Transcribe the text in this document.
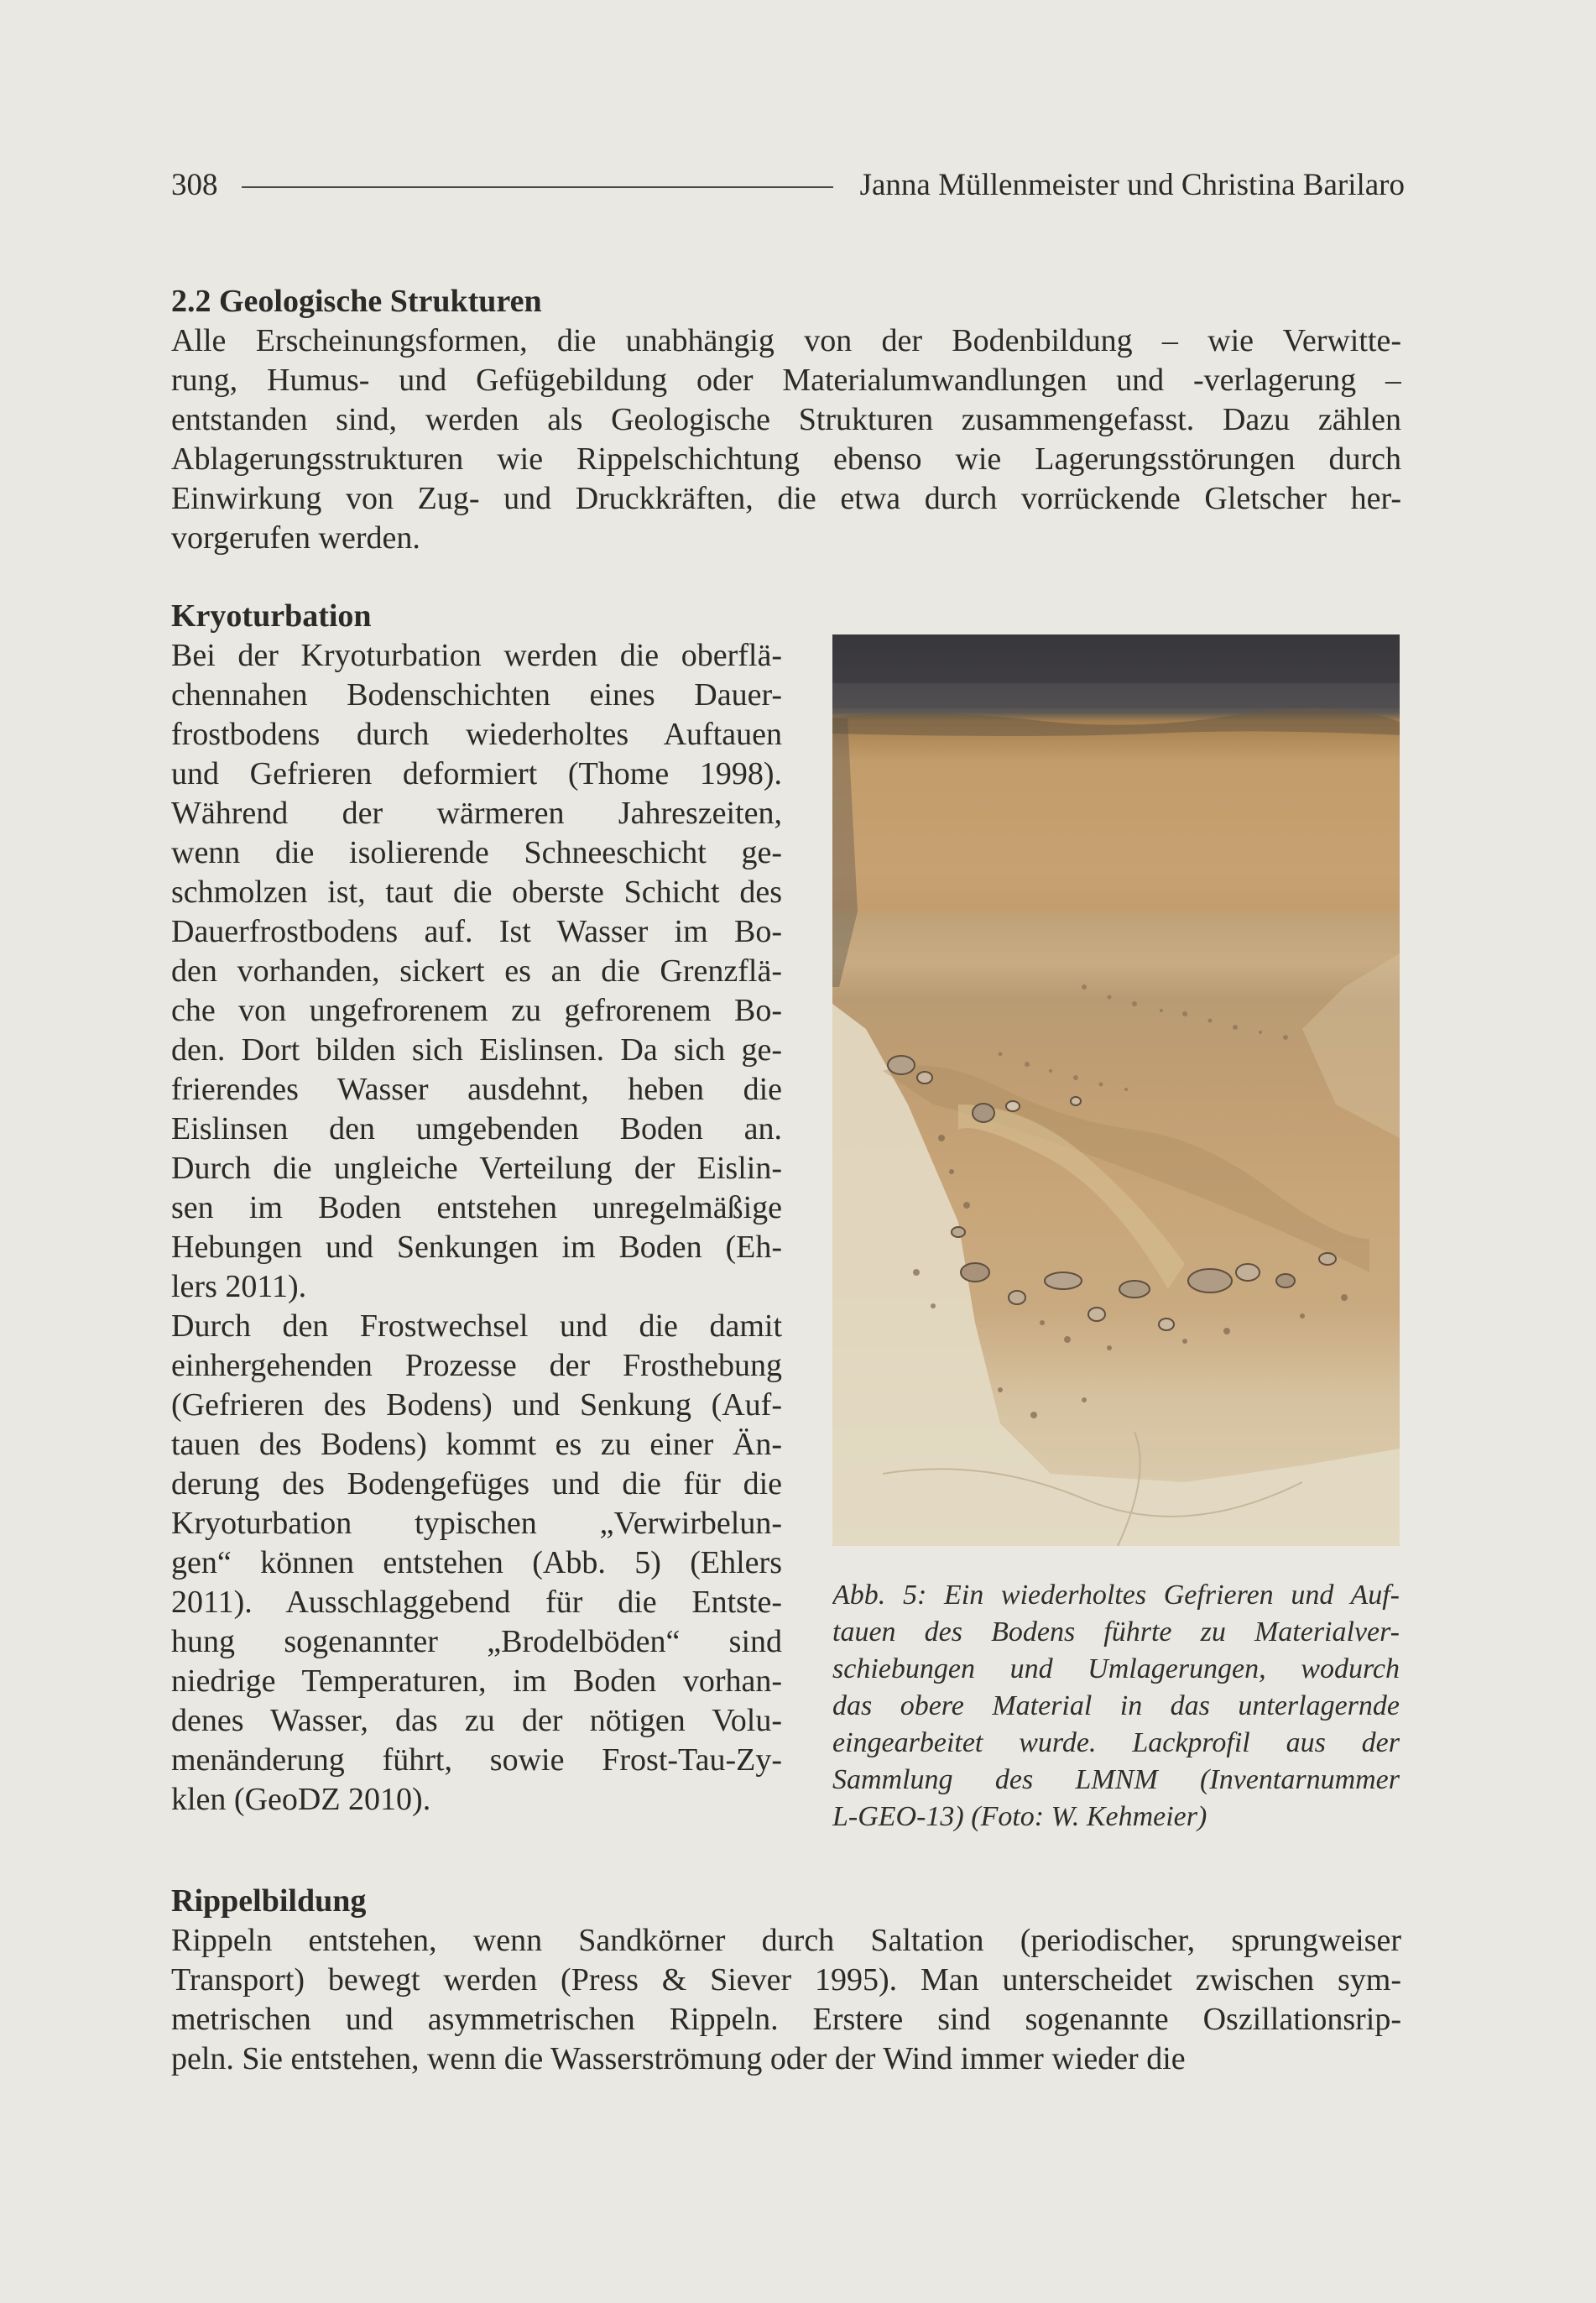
308	Janna Müllenmeister und Christina Barilaro
2.2 Geologische Strukturen
Alle Erscheinungsformen, die unabhängig von der Bodenbildung – wie Verwitte-
rung, Humus- und Gefügebildung oder Materialumwandlungen und -verlagerung –
entstanden sind, werden als Geologische Strukturen zusammengefasst. Dazu zählen
Ablagerungsstrukturen wie Rippelschichtung ebenso wie Lagerungsstörungen durch
Einwirkung von Zug- und Druckkräften, die etwa durch vorrückende Gletscher her-
vorgerufen werden.
Kryoturbation
Bei der Kryoturbation werden die oberflä-
chennahen Bodenschichten eines Dauer-
frostbodens durch wiederholtes Auftauen
und Gefrieren deformiert (Thome 1998).
Während der wärmeren Jahreszeiten,
wenn die isolierende Schneeschicht ge-
schmolzen ist, taut die oberste Schicht des
Dauerfrostbodens auf. Ist Wasser im Bo-
den vorhanden, sickert es an die Grenzflä-
che von ungefrorenem zu gefrorenem Bo-
den. Dort bilden sich Eislinsen. Da sich ge-
frierendes Wasser ausdehnt, heben die
Eislinsen den umgebenden Boden an.
Durch die ungleiche Verteilung der Eislin-
sen im Boden entstehen unregelmäßige
Hebungen und Senkungen im Boden (Eh-
lers 2011).
Durch den Frostwechsel und die damit
einhergehenden Prozesse der Frosthebung
(Gefrieren des Bodens) und Senkung (Auf-
tauen des Bodens) kommt es zu einer Än-
derung des Bodengefüges und die für die
Kryoturbation typischen „Verwirbelun-
gen“ können entstehen (Abb. 5) (Ehlers
2011). Ausschlaggebend für die Entste-
hung sogenannter „Brodelböden“ sind
niedrige Temperaturen, im Boden vorhan-
denes Wasser, das zu der nötigen Volu-
menänderung führt, sowie Frost-Tau-Zy-
klen (GeoDZ 2010).
Abb. 5: Ein wiederholtes Gefrieren und Auf-
tauen des Bodens führte zu Materialver-
schiebungen und Umlagerungen, wodurch
das obere Material in das unterlagernde
eingearbeitet wurde. Lackprofil aus der
Sammlung des LMNM (Inventarnummer
L-GEO-13) (Foto: W. Kehmeier)
Rippelbildung
Rippeln entstehen, wenn Sandkörner durch Saltation (periodischer, sprungweiser
Transport) bewegt werden (Press & Siever 1995). Man unterscheidet zwischen sym-
metrischen und asymmetrischen Rippeln. Erstere sind sogenannte Oszillationsrip-
peln. Sie entstehen, wenn die Wasserströmung oder der Wind immer wieder die
